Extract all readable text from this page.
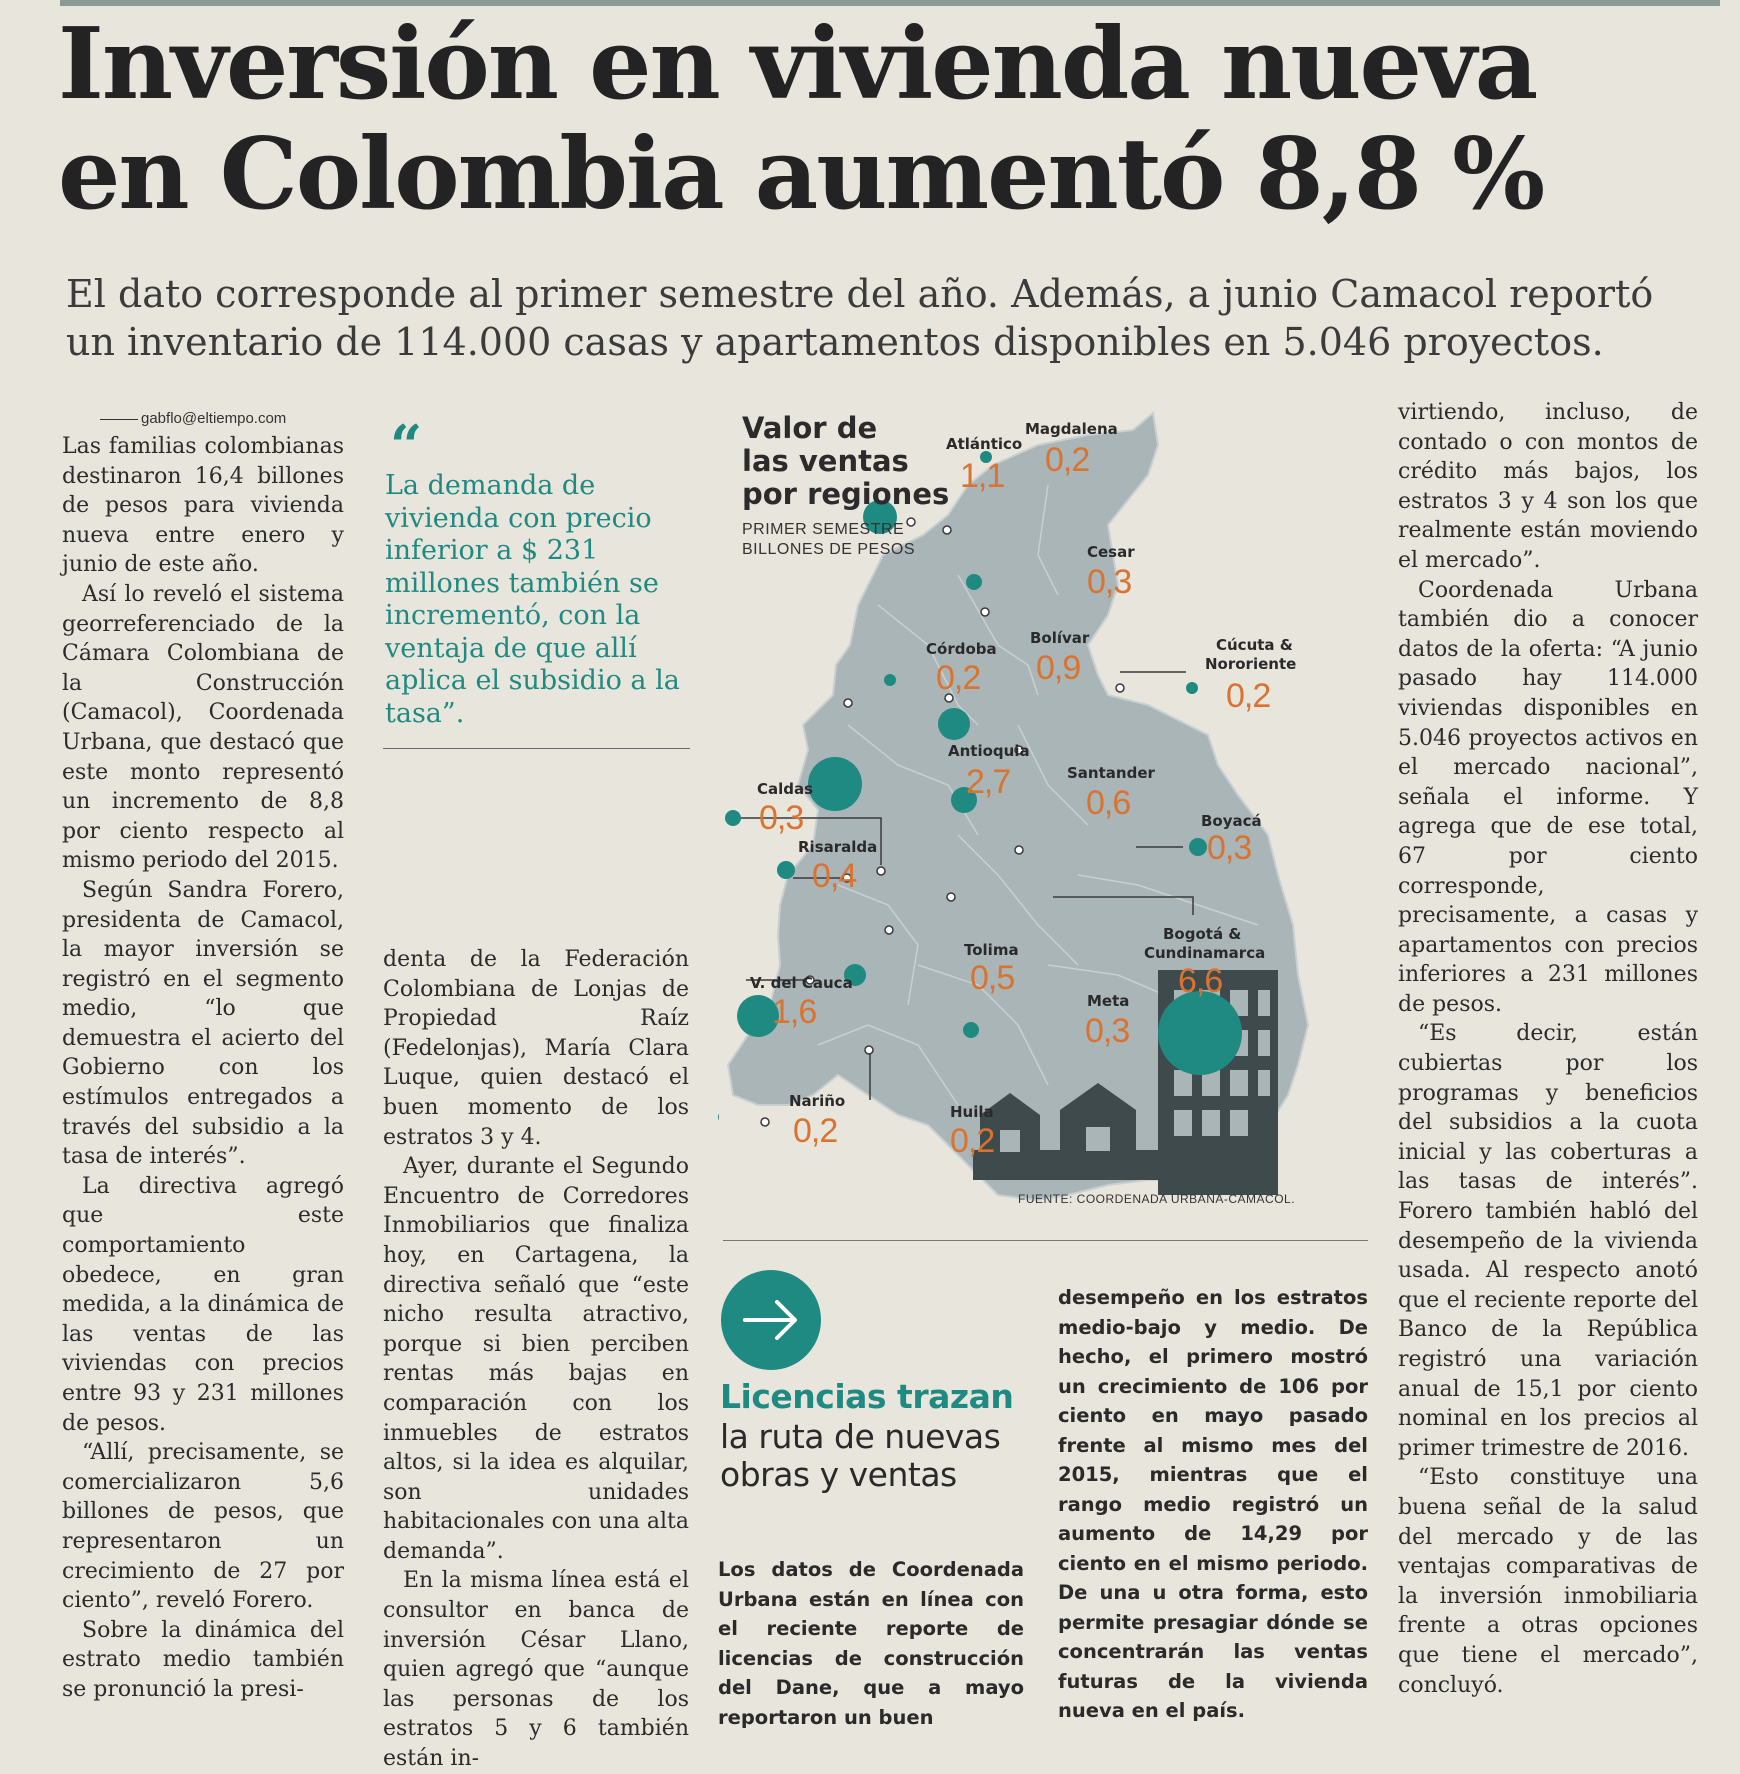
Inversión en vivienda nueva
en Colombia aumentó 8,8 %

El dato corresponde al primer semestre del año. Además, a junio Camacol reportó
un inventario de 114.000 casas y apartamentos disponibles en 5.046 proyectos.

gabflo@eltiempo.com

Las familias colombianas destinaron 16,4 billones de pesos para vivienda nueva entre enero y junio de este año.

Así lo reveló el sistema georreferenciado de la Cámara Colombiana de la Construcción (Camacol), Coordenada Urbana, que destacó que este monto representó un incremento de 8,8 por ciento respecto al mismo periodo del 2015.

Según Sandra Forero, presidenta de Camacol, la mayor inversión se registró en el segmento medio, “lo que demuestra el acierto del Gobierno con los estímulos entregados a través del subsidio a la tasa de interés”.

La directiva agregó que este comportamiento obedece, en gran medida, a la dinámica de las ventas de las viviendas con precios entre 93 y 231 millones de pesos.

“Allí, precisamente, se comercializaron 5,6 billones de pesos, que representaron un crecimiento de 27 por ciento”, reveló Forero.

Sobre la dinámica del estrato medio también se pronunció la presi-

“

La demanda de vivienda con precio inferior a $ 231 millones también se incrementó, con la ventaja de que allí aplica el subsidio a la tasa”.

denta de la Federación Colombiana de Lonjas de Propiedad Raíz (Fedelonjas), María Clara Luque, quien destacó el buen momento de los estratos 3 y 4.

Ayer, durante el Segundo Encuentro de Corredores Inmobiliarios que finaliza hoy, en Cartagena, la directiva señaló que “este nicho resulta atractivo, porque si bien perciben rentas más bajas en comparación con los inmuebles de estratos altos, si la idea es alquilar, son unidades habitacionales con una alta demanda”.

En la misma línea está el consultor en banca de inversión César Llano, quien agregó que “aunque las personas de los estratos 5 y 6 también están in-

Valor de
las ventas
por regiones
PRIMER SEMESTRE
BILLONES DE PESOS
Atlántico
1,1
Magdalena
0,2
Cesar
0,3
Bolívar
0,9
Córdoba
0,2
Cúcuta &
Nororiente
0,2
Antioquia
2,7	Santander
0,6
Caldas
0,3
Risaralda
0,4
Boyacá
0,3
Bogotá &
Cundinamarca
6,6
Tolima
0,5
V. del Cauca
1,6	Meta
0,3
Nariño
0,2	Huila
0,2
FUENTE: COORDENADA URBANA-CAMACOL.
Licencias trazan

la ruta de nuevas
obras y ventas

Los datos de Coordenada Urbana están en línea con el reciente reporte de licencias de construcción del Dane, que a mayo reportaron un buen

desempeño en los estratos medio-bajo y medio. De hecho, el primero mostró un crecimiento de 106 por ciento en mayo pasado frente al mismo mes del 2015, mientras que el rango medio registró un aumento de 14,29 por ciento en el mismo periodo. De una u otra forma, esto permite presagiar dónde se concentrarán las ventas futuras de la vivienda nueva en el país.

virtiendo, incluso, de contado o con montos de crédito más bajos, los estratos 3 y 4 son los que realmente están moviendo el mercado”.

Coordenada Urbana también dio a conocer datos de la oferta: “A junio pasado hay 114.000 viviendas disponibles en 5.046 proyectos activos en el mercado nacional”, señala el informe. Y agrega que de ese total, 67 por ciento corresponde, precisamente, a casas y apartamentos con precios inferiores a 231 millones de pesos.

“Es decir, están cubiertas por los programas y beneficios del subsidios a la cuota inicial y las coberturas a las tasas de interés”. Forero también habló del desempeño de la vivienda usada. Al respecto anotó que el reciente reporte del Banco de la República registró una variación anual de 15,1 por ciento nominal en los precios al primer trimestre de 2016.

“Esto constituye una buena señal de la salud del mercado y de las ventajas comparativas de la inversión inmobiliaria frente a otras opciones que tiene el mercado”, concluyó.
